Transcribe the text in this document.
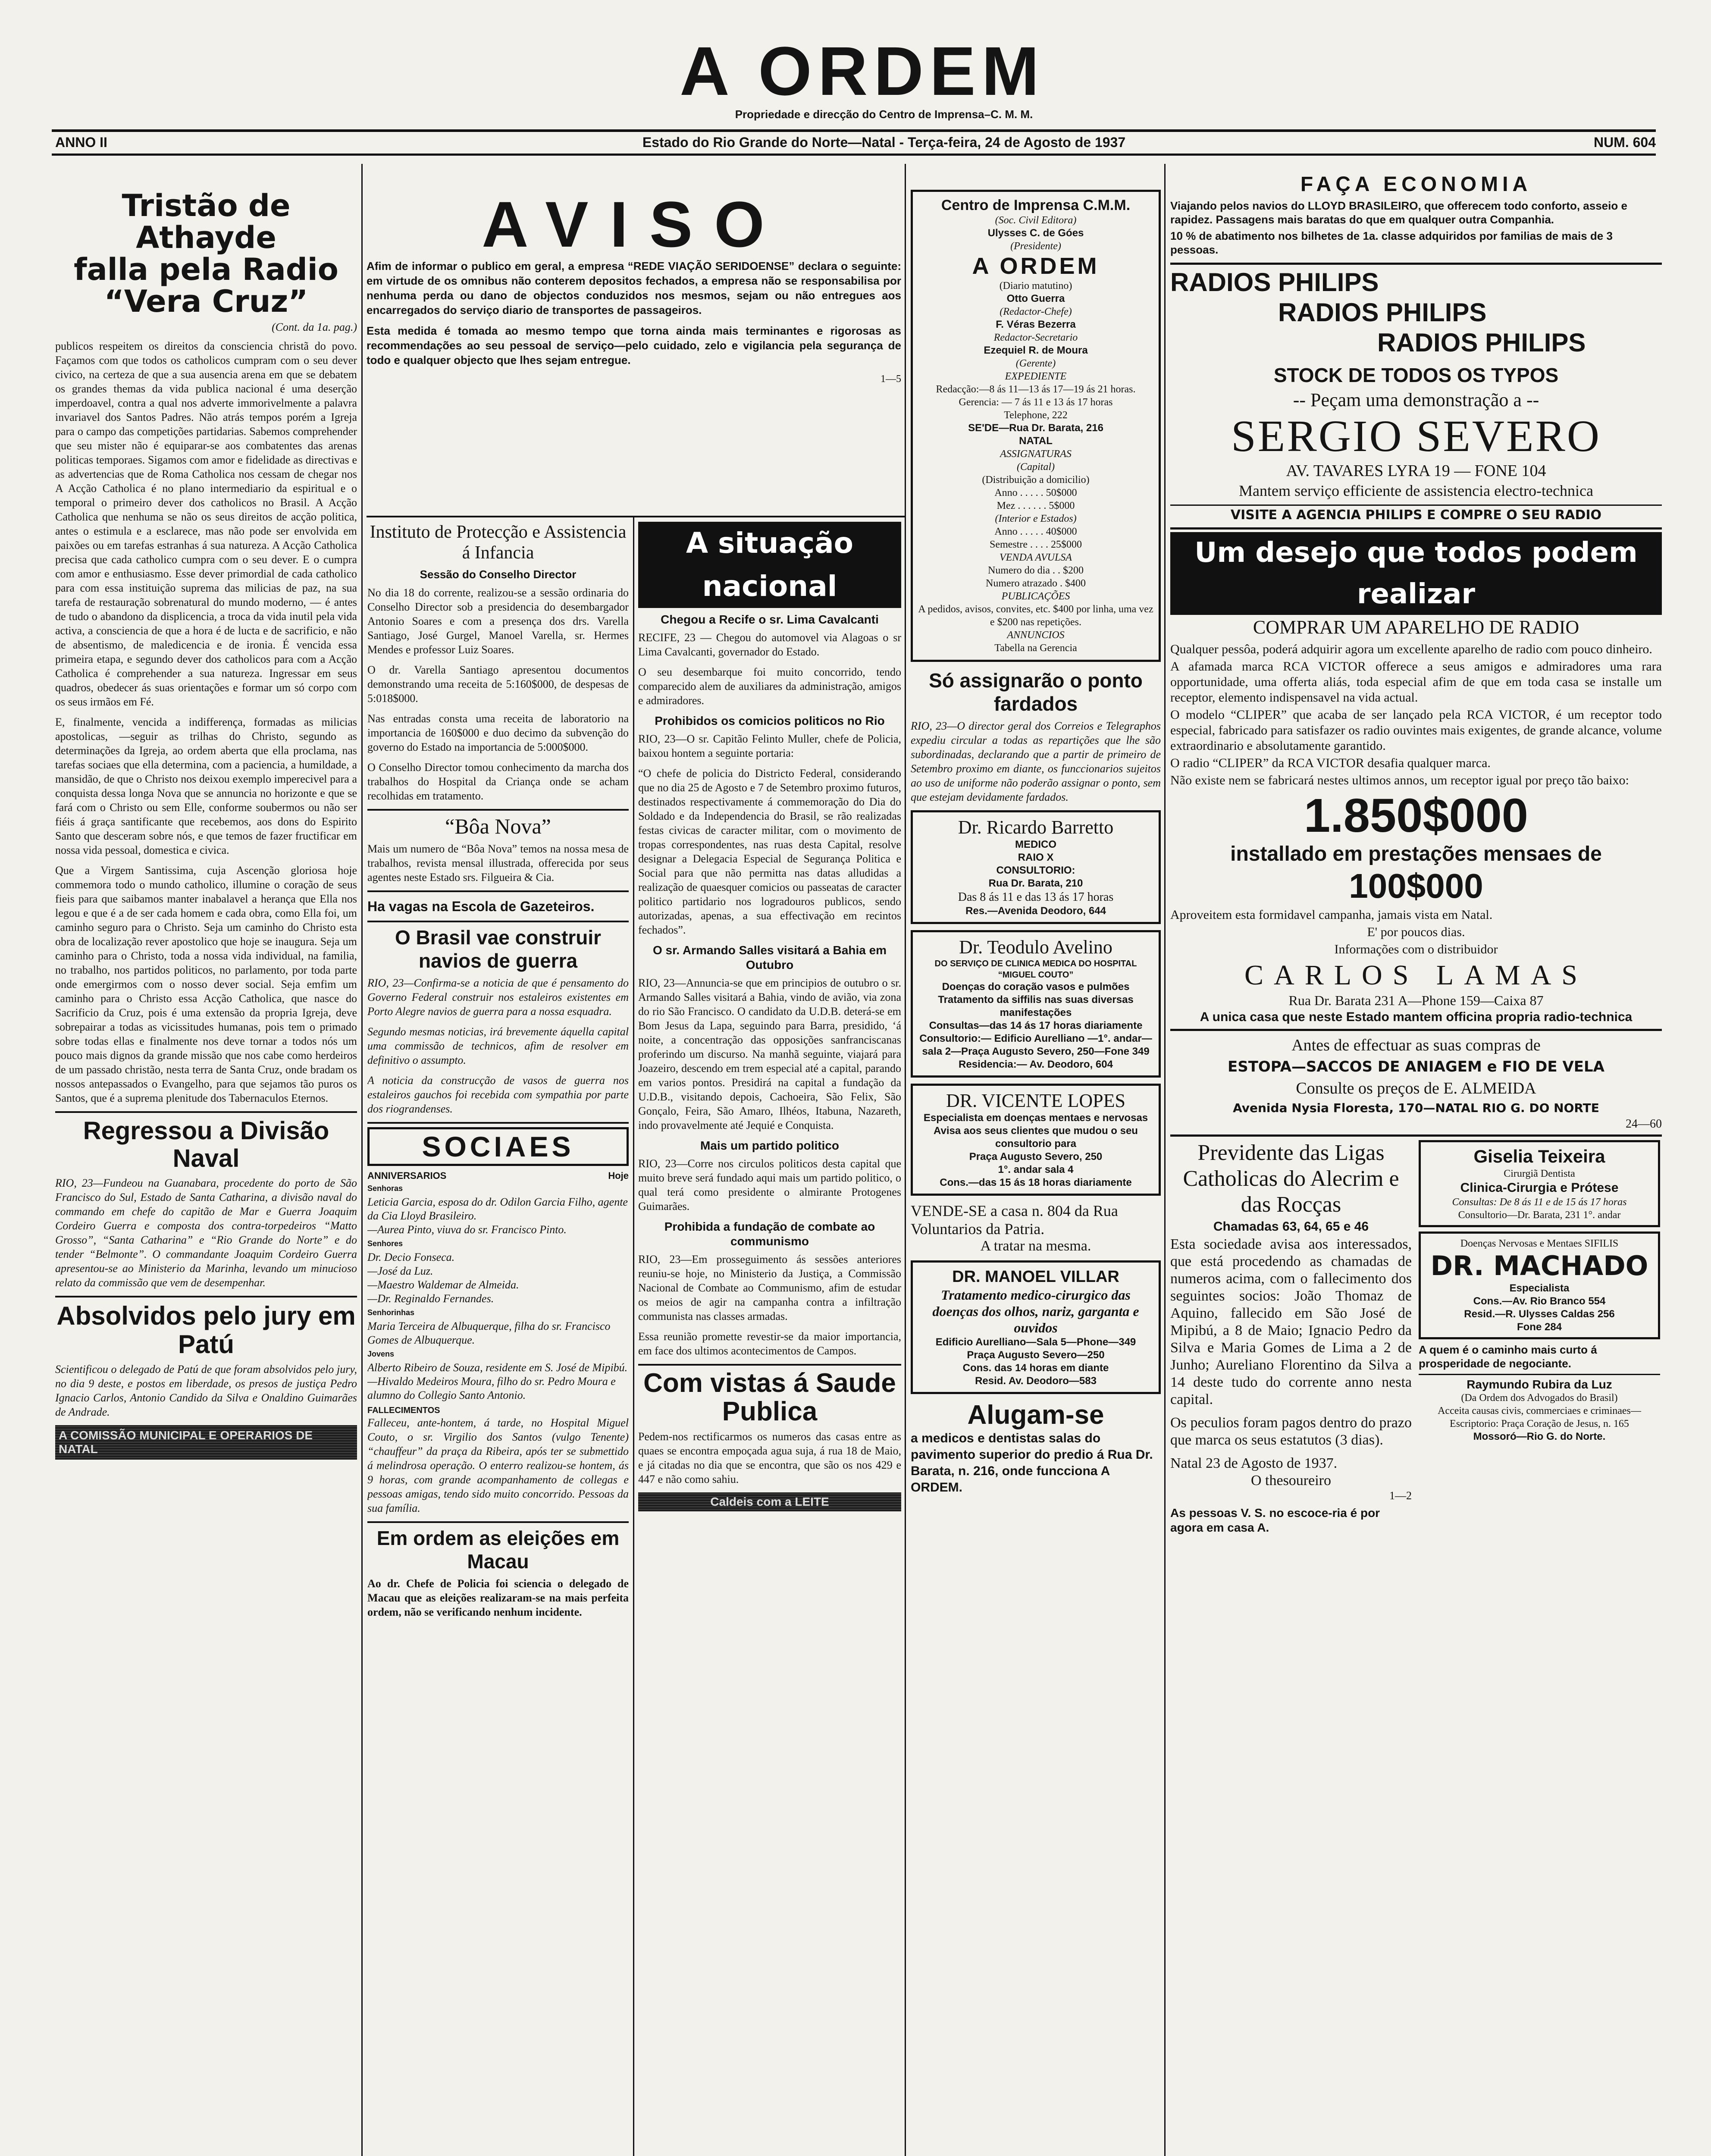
A ORDEM
Propriedade e direcção do Centro de Imprensa–C. M. M.
ANNO II	Estado do Rio Grande do Norte—Natal - Terça-feira, 24 de Agosto de 1937	NUM. 604
Tristão de Athayde
falla pela Radio
“Vera Cruz”
(Cont. da 1a. pag.)

publicos respeitem os direitos da consciencia christã do povo. Façamos com que todos os catholicos cumpram com o seu dever civico, na certeza de que a sua ausencia arena em que se debatem os grandes themas da vida publica nacional é uma deserção imperdoavel, contra a qual nos adverte immorivelmente a palavra invariavel dos Santos Padres. Não atrás tempos porém a Igreja para o campo das competições partidarias. Sabemos comprehender que seu mister não é equiparar-se aos combatentes das arenas politicas temporaes. Sigamos com amor e fidelidade as directivas e as advertencias que de Roma Catholica nos cessam de chegar nos A Acção Catholica é no plano intermediario da espiritual e o temporal o primeiro dever dos catholicos no Brasil. A Acção Catholica que nenhuma se não os seus direitos de acção politica, antes o estimula e a esclarece, mas não pode ser envolvida em paixões ou em tarefas estranhas á sua natureza. A Acção Catholica precisa que cada catholico cumpra com o seu dever. E o cumpra com amor e enthusiasmo. Esse dever primordial de cada catholico para com essa instituição suprema das milicias de paz, na sua tarefa de restauração sobrenatural do mundo moderno, — é antes de tudo o abandono da displicencia, a troca da vida inutil pela vida activa, a consciencia de que a hora é de lucta e de sacrificio, e não de absentismo, de maledicencia e de ironia. É vencida essa primeira etapa, e segundo dever dos catholicos para com a Acção Catholica é comprehender a sua natureza. Ingressar em seus quadros, obedecer ás suas orientações e formar um só corpo com os seus irmãos em Fé.

E, finalmente, vencida a indifferença, formadas as milicias apostolicas, —seguir as trilhas do Christo, segundo as determinações da Igreja, ao ordem aberta que ella proclama, nas tarefas sociaes que ella determina, com a paciencia, a humildade, a mansidão, de que o Christo nos deixou exemplo imperecivel para a conquista dessa longa Nova que se annuncia no horizonte e que se fará com o Christo ou sem Elle, conforme soubermos ou não ser fiéis á graça santificante que recebemos, aos dons do Espirito Santo que desceram sobre nós, e que temos de fazer fructificar em nossa vida pessoal, domestica e civica.

Que a Virgem Santissima, cuja Ascenção gloriosa hoje commemora todo o mundo catholico, illumine o coração de seus fieis para que saibamos manter inabalavel a herança que Ella nos legou e que é a de ser cada homem e cada obra, como Ella foi, um caminho seguro para o Christo. Seja um caminho do Christo esta obra de localização rever apostolico que hoje se inaugura. Seja um caminho para o Christo, toda a nossa vida individual, na familia, no trabalho, nos partidos politicos, no parlamento, por toda parte onde emergirmos com o nosso dever social. Seja emfim um caminho para o Christo essa Acção Catholica, que nasce do Sacrificio da Cruz, pois é uma extensão da propria Igreja, deve sobrepairar a todas as vicissitudes humanas, pois tem o primado sobre todas ellas e finalmente nos deve tornar a todos nós um pouco mais dignos da grande missão que nos cabe como herdeiros de um passado christão, nesta terra de Santa Cruz, onde bradam os nossos antepassados o Evangelho, para que sejamos tão puros os Santos, que é a suprema plenitude dos Tabernaculos Eternos.

Regressou a Divisão Naval

RIO, 23—Fundeou na Guanabara, procedente do porto de São Francisco do Sul, Estado de Santa Catharina, a divisão naval do commando em chefe do capitão de Mar e Guerra Joaquim Cordeiro Guerra e composta dos contra-torpedeiros “Matto Grosso”, “Santa Catharina” e “Rio Grande do Norte” e do tender “Belmonte”. O commandante Joaquim Cordeiro Guerra apresentou-se ao Ministerio da Marinha, levando um minucioso relato da commissão que vem de desempenhar.

Absolvidos pelo jury em Patú

Scientificou o delegado de Patú de que foram absolvidos pelo jury, no dia 9 deste, e postos em liberdade, os presos de justiça Pedro Ignacio Carlos, Antonio Candido da Silva e Onaldino Guimarães de Andrade.

A COMISSÃO MUNICIPAL E OPERARIOS DE NATAL
AVISO

Afim de informar o publico em geral, a empresa “REDE VIAÇÃO SERIDOENSE” declara o seguinte: em virtude de os omnibus não conterem depositos fechados, a empresa não se responsabilisa por nenhuma perda ou dano de objectos conduzidos nos mesmos, sejam ou não entregues aos encarregados do serviço diario de transportes de passageiros.

Esta medida é tomada ao mesmo tempo que torna ainda mais terminantes e rigorosas as recommendações ao seu pessoal de serviço—pelo cuidado, zelo e vigilancia pela segurança de todo e qualquer objecto que lhes sejam entregue.

1—5
Instituto de Protecção e Assistencia á Infancia
Sessão do Conselho Director

No dia 18 do corrente, realizou-se a sessão ordinaria do Conselho Director sob a presidencia do desembargador Antonio Soares e com a presença dos drs. Varella Santiago, José Gurgel, Manoel Varella, sr. Hermes Mendes e professor Luiz Soares.

O dr. Varella Santiago apresentou documentos demonstrando uma receita de 5:160$000, de despesas de 5:018$000.

Nas entradas consta uma receita de laboratorio na importancia de 160$000 e duo decimo da subvenção do governo do Estado na importancia de 5:000$000.

O Conselho Director tomou conhecimento da marcha dos trabalhos do Hospital da Criança onde se acham recolhidas em tratamento.

“Bôa Nova”

Mais um numero de “Bôa Nova” temos na nossa mesa de trabalhos, revista mensal illustrada, offerecida por seus agentes neste Estado srs. Filgueira & Cia.

Ha vagas na Escola de Gazeteiros.
O Brasil vae construir navios de guerra

RIO, 23—Confirma-se a noticia de que é pensamento do Governo Federal construir nos estaleiros existentes em Porto Alegre navios de guerra para a nossa esquadra.

Segundo mesmas noticias, irá brevemente áquella capital uma commissão de technicos, afim de resolver em definitivo o assumpto.

A noticia da construcção de vasos de guerra nos estaleiros gauchos foi recebida com sympathia por parte dos riograndenses.

SOCIAES
ANNIVERSARIOS	Hoje
Senhoras
Leticia Garcia, esposa do dr. Odilon Garcia Filho, agente da Cia Lloyd Brasileiro.
—Aurea Pinto, viuva do sr. Francisco Pinto.
Senhores
Dr. Decio Fonseca.
—José da Luz.
—Maestro Waldemar de Almeida.
—Dr. Reginaldo Fernandes.
Senhorinhas
Maria Terceira de Albuquerque, filha do sr. Francisco Gomes de Albuquerque.
Jovens
Alberto Ribeiro de Souza, residente em S. José de Mipibú.
—Hivaldo Medeiros Moura, filho do sr. Pedro Moura e alumno do Collegio Santo Antonio.
FALLECIMENTOS

Falleceu, ante-hontem, á tarde, no Hospital Miguel Couto, o sr. Virgilio dos Santos (vulgo Tenente) “chauffeur” da praça da Ribeira, após ter se submettido á melindrosa operação. O enterro realizou-se hontem, ás 9 horas, com grande acompanhamento de collegas e pessoas amigas, tendo sido muito concorrido. Pessoas da sua família.

Em ordem as eleições em Macau

Ao dr. Chefe de Policia foi sciencia o delegado de Macau que as eleições realizaram-se na mais perfeita ordem, não se verificando nenhum incidente.

A situação nacional
Chegou a Recife o sr. Lima Cavalcanti

RECIFE, 23 — Chegou do automovel via Alagoas o sr Lima Cavalcanti, governador do Estado.

O seu desembarque foi muito concorrido, tendo comparecido alem de auxiliares da administração, amigos e admiradores.

Prohibidos os comicios politicos no Rio

RIO, 23—O sr. Capitão Felinto Muller, chefe de Policia, baixou hontem a seguinte portaria:

“O chefe de policia do Districto Federal, considerando que no dia 25 de Agosto e 7 de Setembro proximo futuros, destinados respectivamente á commemoração do Dia do Soldado e da Independencia do Brasil, se rão realizadas festas civicas de caracter militar, com o movimento de tropas correspondentes, nas ruas desta Capital, resolve designar a Delegacia Especial de Segurança Politica e Social para que não permitta nas datas alludidas a realização de quaesquer comicios ou passeatas de caracter politico partidario nos logradouros publicos, sendo autorizadas, apenas, a sua effectivação em recintos fechados”.

O sr. Armando Salles visitará a Bahia em Outubro

RIO, 23—Annuncia-se que em principios de outubro o sr. Armando Salles visitará a Bahia, vindo de avião, via zona do rio São Francisco. O candidato da U.D.B. deterá-se em Bom Jesus da Lapa, seguindo para Barra, presidido, ‘á noite, a concentração das opposições sanfranciscanas proferindo um discurso. Na manhã seguinte, viajará para Joazeiro, descendo em trem especial até a capital, parando em varios pontos. Presidirá na capital a fundação da U.D.B., visitando depois, Cachoeira, São Felix, São Gonçalo, Feira, São Amaro, Ilhéos, Itabuna, Nazareth, indo provavelmente até Jequié e Conquista.

Mais um partido politico

RIO, 23—Corre nos circulos politicos desta capital que muito breve será fundado aqui mais um partido politico, o qual terá como presidente o almirante Protogenes Guimarães.

Prohibida a fundação de combate ao communismo

RIO, 23—Em prosseguimento ás sessões anteriores reuniu-se hoje, no Ministerio da Justiça, a Commissão Nacional de Combate ao Communismo, afim de estudar os meios de agir na campanha contra a infiltração communista nas classes armadas.

Essa reunião promette revestir-se da maior importancia, em face dos ultimos acontecimentos de Campos.

Com vistas á Saude Publica

Pedem-nos rectificarmos os numeros das casas entre as quaes se encontra empoçada agua suja, á rua 18 de Maio, e já citadas no dia que se encontra, que são os nos 429 e 447 e não como sahiu.

Caldeis com a LEITE
Centro de Imprensa C.M.M.
(Soc. Civil Editora)
Ulysses C. de Góes
(Presidente)
A ORDEM
(Diario matutino)
Otto Guerra
(Redactor-Chefe)
F. Véras Bezerra
Redactor-Secretario
Ezequiel R. de Moura
(Gerente)
EXPEDIENTE
Redacção:—8 ás 11—13 ás 17—19 ás 21 horas.
Gerencia: — 7 ás 11 e 13 ás 17 horas
Telephone, 222
SE'DE—Rua Dr. Barata, 216
NATAL
ASSIGNATURAS
(Capital)
(Distribuição a domicilio)
Anno . . . . . 50$000
Mez . . . . . . 5$000
(Interior e Estados)
Anno . . . . . 40$000
Semestre . . . . 25$000
VENDA AVULSA
Numero do dia . . $200
Numero atrazado . $400
PUBLICAÇÕES
A pedidos, avisos, convites, etc. $400 por linha, uma vez e $200 nas repetições.
ANNUNCIOS
Tabella na Gerencia
Só assignarão o ponto fardados

RIO, 23—O director geral dos Correios e Telegraphos expediu circular a todas as repartições que lhe são subordinadas, declarando que a partir de primeiro de Setembro proximo em diante, os funccionarios sujeitos ao uso de uniforme não poderão assignar o ponto, sem que estejam devidamente fardados.

Dr. Ricardo Barretto
MEDICO
RAIO X
CONSULTORIO:
Rua Dr. Barata, 210
Das 8 ás 11 e das 13 ás 17 horas
Res.—Avenida Deodoro, 644
Dr. Teodulo Avelino
DO SERVIÇO DE CLINICA MEDICA DO HOSPITAL “MIGUEL COUTO”
Doenças do coração vasos e pulmões
Tratamento da siffilis nas suas diversas manifestações
Consultas—das 14 ás 17 horas diariamente
Consultorio:— Edificio Aurelliano —1°. andar—sala 2—Praça Augusto Severo, 250—Fone 349
Residencia:— Av. Deodoro, 604
DR. VICENTE LOPES
Especialista em doenças mentaes e nervosas
Avisa aos seus clientes que mudou o seu consultorio para
Praça Augusto Severo, 250
1°. andar sala 4
Cons.—das 15 ás 18 horas diariamente
VENDE-SE a casa n. 804 da Rua Voluntarios da Patria.
A tratar na mesma.
DR. MANOEL VILLAR
Tratamento medico-cirurgico das doenças dos olhos, nariz, garganta e ouvidos
Edificio Aurelliano—Sala 5—Phone—349
Praça Augusto Severo—250
Cons. das 14 horas em diante
Resid. Av. Deodoro—583
Alugam-se

a medicos e dentistas salas do pavimento superior do predio á Rua Dr. Barata, n. 216, onde funcciona A ORDEM.

FAÇA ECONOMIA

Viajando pelos navios do LLOYD BRASILEIRO, que offerecem todo conforto, asseio e rapidez. Passagens mais baratas do que em qualquer outra Companhia.

10 % de abatimento nos bilhetes de 1a. classe adquiridos por familias de mais de 3 pessoas.

RADIOS PHILIPS
RADIOS PHILIPS
RADIOS PHILIPS
STOCK DE TODOS OS TYPOS
-- Peçam uma demonstração a --
SERGIO SEVERO
AV. TAVARES LYRA 19 — FONE 104
Mantem serviço efficiente de assistencia electro-technica
VISITE A AGENCIA PHILIPS E COMPRE O SEU RADIO
Um desejo que todos podem realizar
COMPRAR UM APARELHO DE RADIO

Qualquer pessôa, poderá adquirir agora um excellente aparelho de radio com pouco dinheiro.

A afamada marca RCA VICTOR offerece a seus amigos e admiradores uma rara opportunidade, uma offerta aliás, toda especial afim de que em toda casa se installe um receptor, elemento indispensavel na vida actual.

O modelo “CLIPER” que acaba de ser lançado pela RCA VICTOR, é um receptor todo especial, fabricado para satisfazer os radio ouvintes mais exigentes, de grande alcance, volume extraordinario e absolutamente garantido.

O radio “CLIPER” da RCA VICTOR desafia qualquer marca.

Não existe nem se fabricará nestes ultimos annos, um receptor igual por preço tão baixo:

1.850$000
installado em prestações mensaes de
100$000

Aproveitem esta formidavel campanha, jamais vista em Natal.

E' por poucos dias.

Informações com o distribuidor

CARLOS LAMAS
Rua Dr. Barata 231 A—Phone 159—Caixa 87
A unica casa que neste Estado mantem officina propria radio-technica
Antes de effectuar as suas compras de
ESTOPA—SACCOS DE ANIAGEM e FIO DE VELA
Consulte os preços de E. ALMEIDA
Avenida Nysia Floresta, 170—NATAL RIO G. DO NORTE
24—60
Previdente das Ligas Catholicas do Alecrim e das Rocças
Chamadas 63, 64, 65 e 46

Esta sociedade avisa aos interessados, que está procedendo as chamadas de numeros acima, com o fallecimento dos seguintes socios: João Thomaz de Aquino, fallecido em São José de Mipibú, a 8 de Maio; Ignacio Pedro da Silva e Maria Gomes de Lima a 2 de Junho; Aureliano Florentino da Silva a 14 deste tudo do corrente anno nesta capital.

Os peculios foram pagos dentro do prazo que marca os seus estatutos (3 dias).

Natal 23 de Agosto de 1937.
O thesoureiro
1—2
Giselia Teixeira
Cirurgiã Dentista
Clinica-Cirurgia e Prótese
Consultas: De 8 ás 11 e de 15 ás 17 horas
Consultorio—Dr. Barata, 231 1°. andar
Doenças Nervosas e Mentaes SIFILIS
DR. MACHADO
Especialista
Cons.—Av. Rio Branco 554
Resid.—R. Ulysses Caldas 256
Fone 284
A quem é o caminho mais curto á prosperidade de negociante.
Raymundo Rubira da Luz
(Da Ordem dos Advogados do Brasil)
Acceita causas civis, commerciaes e criminaes—Escriptorio: Praça Coração de Jesus, n. 165
Mossoró—Rio G. do Norte.
As pessoas V. S. no escoce-ria é por agora em casa A.
